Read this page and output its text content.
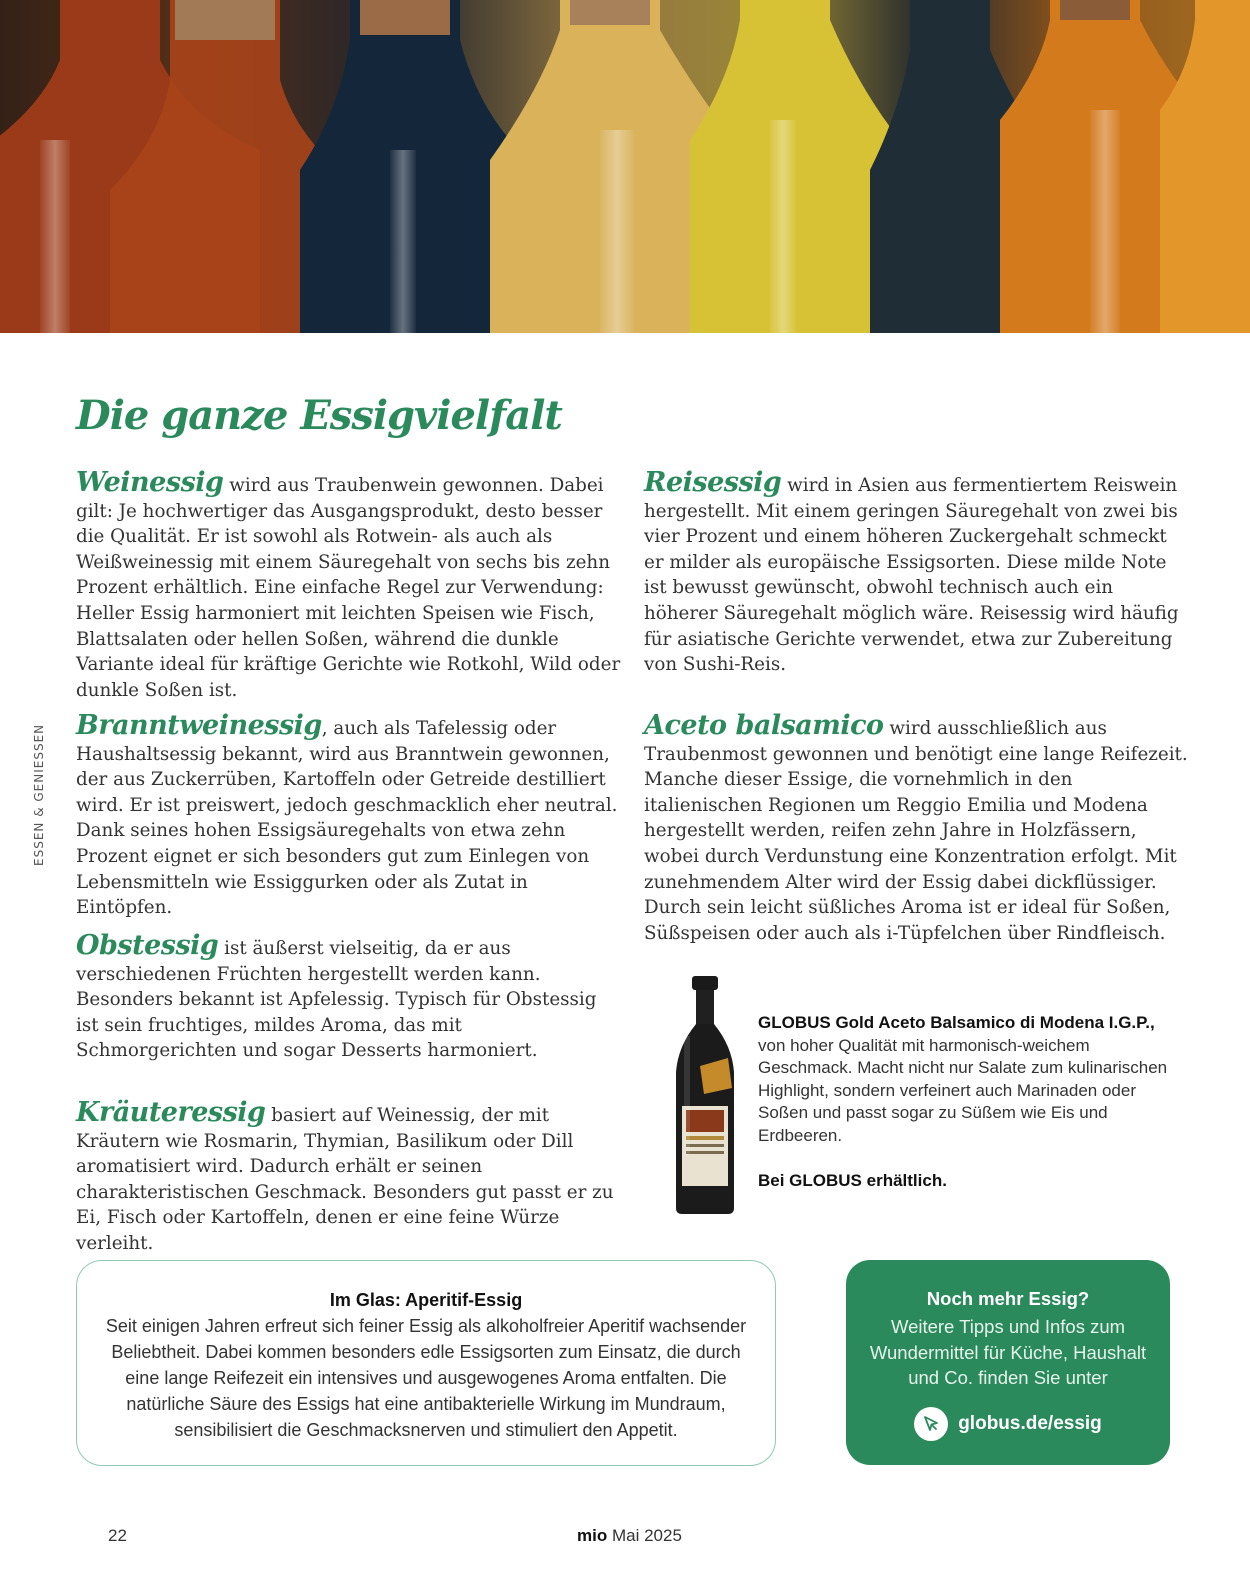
ESSEN & GENIESSEN
Die ganze Essigvielfalt

Weinessig wird aus Traubenwein gewonnen. Dabei gilt: Je hochwertiger das Ausgangsprodukt, desto besser die Qualität. Er ist sowohl als Rotwein- als auch als Weißweinessig mit einem Säuregehalt von sechs bis zehn Prozent erhältlich. Eine einfache Regel zur Verwendung: Heller Essig harmoniert mit leichten Speisen wie Fisch, Blattsalaten oder hellen Soßen, während die dunkle Variante ideal für kräftige Gerichte wie Rotkohl, Wild oder dunkle Soßen ist.

Branntweinessig, auch als Tafelessig oder Haushaltsessig bekannt, wird aus Branntwein gewonnen, der aus Zuckerrüben, Kartoffeln oder Getreide destilliert wird. Er ist preiswert, jedoch geschmacklich eher neutral. Dank seines hohen Essigsäuregehalts von etwa zehn Prozent eignet er sich besonders gut zum Einlegen von Lebensmitteln wie Essiggurken oder als Zutat in Eintöpfen.

Obstessig ist äußerst vielseitig, da er aus verschiedenen Früchten hergestellt werden kann. Besonders bekannt ist Apfelessig. Typisch für Obstessig ist sein fruchtiges, mildes Aroma, das mit Schmorgerichten und sogar Desserts harmoniert.

Kräuteressig basiert auf Weinessig, der mit Kräutern wie Rosmarin, Thymian, Basilikum oder Dill aromatisiert wird. Dadurch erhält er seinen charakteristischen Geschmack. Besonders gut passt er zu Ei, Fisch oder Kartoffeln, denen er eine feine Würze verleiht.

Reisessig wird in Asien aus fermentiertem Reiswein hergestellt. Mit einem geringen Säuregehalt von zwei bis vier Prozent und einem höheren Zuckergehalt schmeckt er milder als europäische Essigsorten. Diese milde Note ist bewusst gewünscht, obwohl technisch auch ein höherer Säuregehalt möglich wäre. Reisessig wird häufig für asiatische Gerichte verwendet, etwa zur Zubereitung von Sushi-Reis.

Aceto balsamico wird ausschließlich aus Traubenmost gewonnen und benötigt eine lange Reifezeit. Manche dieser Essige, die vornehmlich in den italienischen Regionen um Reggio Emilia und Modena hergestellt werden, reifen zehn Jahre in Holzfässern, wobei durch Verdunstung eine Konzentration erfolgt. Mit zunehmendem Alter wird der Essig dabei dickflüssiger. Durch sein leicht süßliches Aroma ist er ideal für Soßen, Süßspeisen oder auch als i-Tüpfelchen über Rindfleisch.

GLOBUS Gold Aceto Balsamico di Modena I.G.P.,
von hoher Qualität mit harmonisch-weichem Geschmack. Macht nicht nur Salate zum kulinarischen Highlight, sondern verfeinert auch Marinaden oder Soßen und passt sogar zu Süßem wie Eis und Erdbeeren.
Bei GLOBUS erhältlich.
Im Glas: Aperitif-Essig
Seit einigen Jahren erfreut sich feiner Essig als alkoholfreier Aperitif wachsender Beliebtheit. Dabei kommen besonders edle Essigsorten zum Einsatz, die durch eine lange Reifezeit ein intensives und ausgewogenes Aroma entfalten. Die natürliche Säure des Essigs hat eine antibakterielle Wirkung im Mundraum, sensibilisiert die Geschmacksnerven und stimuliert den Appetit.
Noch mehr Essig?
Weitere Tipps und Infos zum Wundermittel für Küche, Haushalt und Co. finden Sie unter
globus.de/essig
22	mio Mai 2025
